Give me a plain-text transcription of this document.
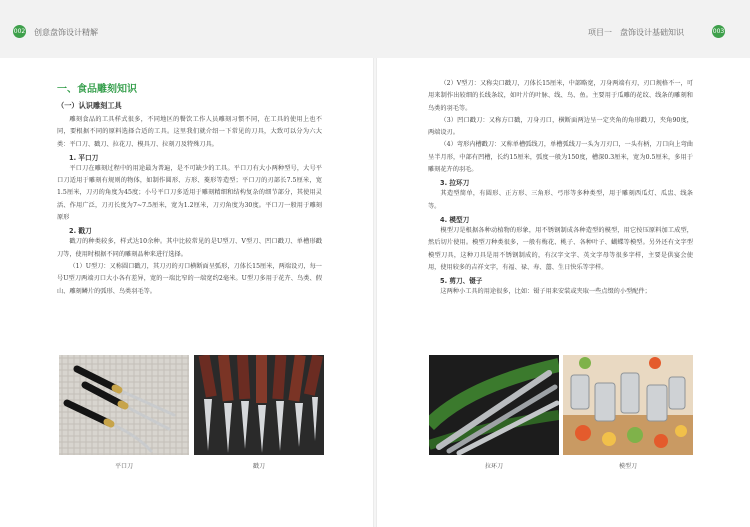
002 创意盘饰设计精解	项目一　盘饰设计基础知识	003
一、食品雕刻知识
（一）认识雕刻工具

雕刻食品的工具样式很多，不同地区的餐饮工作人员雕刻习惯不同，在工具的使用上也不同，要根据不同的原料选择合适的工具。这里我们就介绍一下常见的刀具，大致可以分为六大类：平口刀、戳刀、拉花刀、模具刀、拉刻刀及特殊刀具。

1. 平口刀

平口刀在雕刻过程中的用途最为普遍，是不可缺少的工具。平口刀有大小两种型号，大号平口刀适用于雕刻有规则的物体，如制作圆形、方形、菱形等造型；平口刀的刃部长7.5厘米，宽1.5厘米，刀刃的角度为45度；小号平口刀多适用于雕刻精细和结构复杂的细节部分，其使用灵活、作用广泛，刀刃长度为7~7.5厘米，宽为1.2厘米，刀刃角度为30度。平口刀一般用于雕刻原形

2. 戳刀

戳刀的种类较多，样式达10余种。其中比较常见的是U型刀、V型刀、凹口戳刀、单槽形戳刀等，使用时根据不同的雕刻品种来进行选择。

（1）U型刀：又称圆口戳刀，其刀刃的刃口横断面呈弧形，刀体长15厘米，两端设刃，每一号U型刀两端刃口大小各有差异，宽的一端比窄的一端宽约2毫米。U型刀多用于花卉、鸟类、假山、雕刻鳞片的弧形、鸟类羽毛等。

（2）V型刀：又称尖口戳刀，刀体长15厘米，中部略宽，刀身两端有刃，刃口规格不一，可用来制作出较细的长线条纹，如叶片的叶脉、线、鸟、鱼。主要用于瓜雕的花纹、线条的雕刻和鸟类的羽毛等。

（3）凹口戳刀：又称方口戳，刀身刃口，横断面两边呈一定夹角的角形戳刀，夹角90度，两端设刃。

（4）弯形内槽戳刀：又称单槽弧线刀，单槽弧线刀一头为刀刃口，一头有柄，刀口向上弯曲呈半月形，中部有凹槽，长约15厘米，弧度一般为150度，槽深0.3厘米，宽为0.5厘米，多用于雕刻花卉的羽毛。

3. 拉环刀

其造型简单，有圆形、正方形、三角形、弓形等多种类型，用于雕刻西瓜灯、瓜盅、线条等。

4. 模型刀

模型刀是根据各种动植物的形象，用不锈钢制成各种造型的模型，用它按压原料加工成型，然后切片使用。模型刀种类很多，一般有梅花、桃子、各种叶子、蝴蝶等模型。另外还有文字型模型刀具，这种刀具是用不锈钢制成的，有汉字文字、英文字母等很多字样，主要是供宴会使用，使用较多的吉祥文字，有福、禄、寿、囍、生日快乐等字样。

5. 剪刀、镊子

这两种小工具的用途很多，比如：镊子用来安装或夹取一些点缀的小型配件；

平口刀	戳刀	拉环刀	模型刀
